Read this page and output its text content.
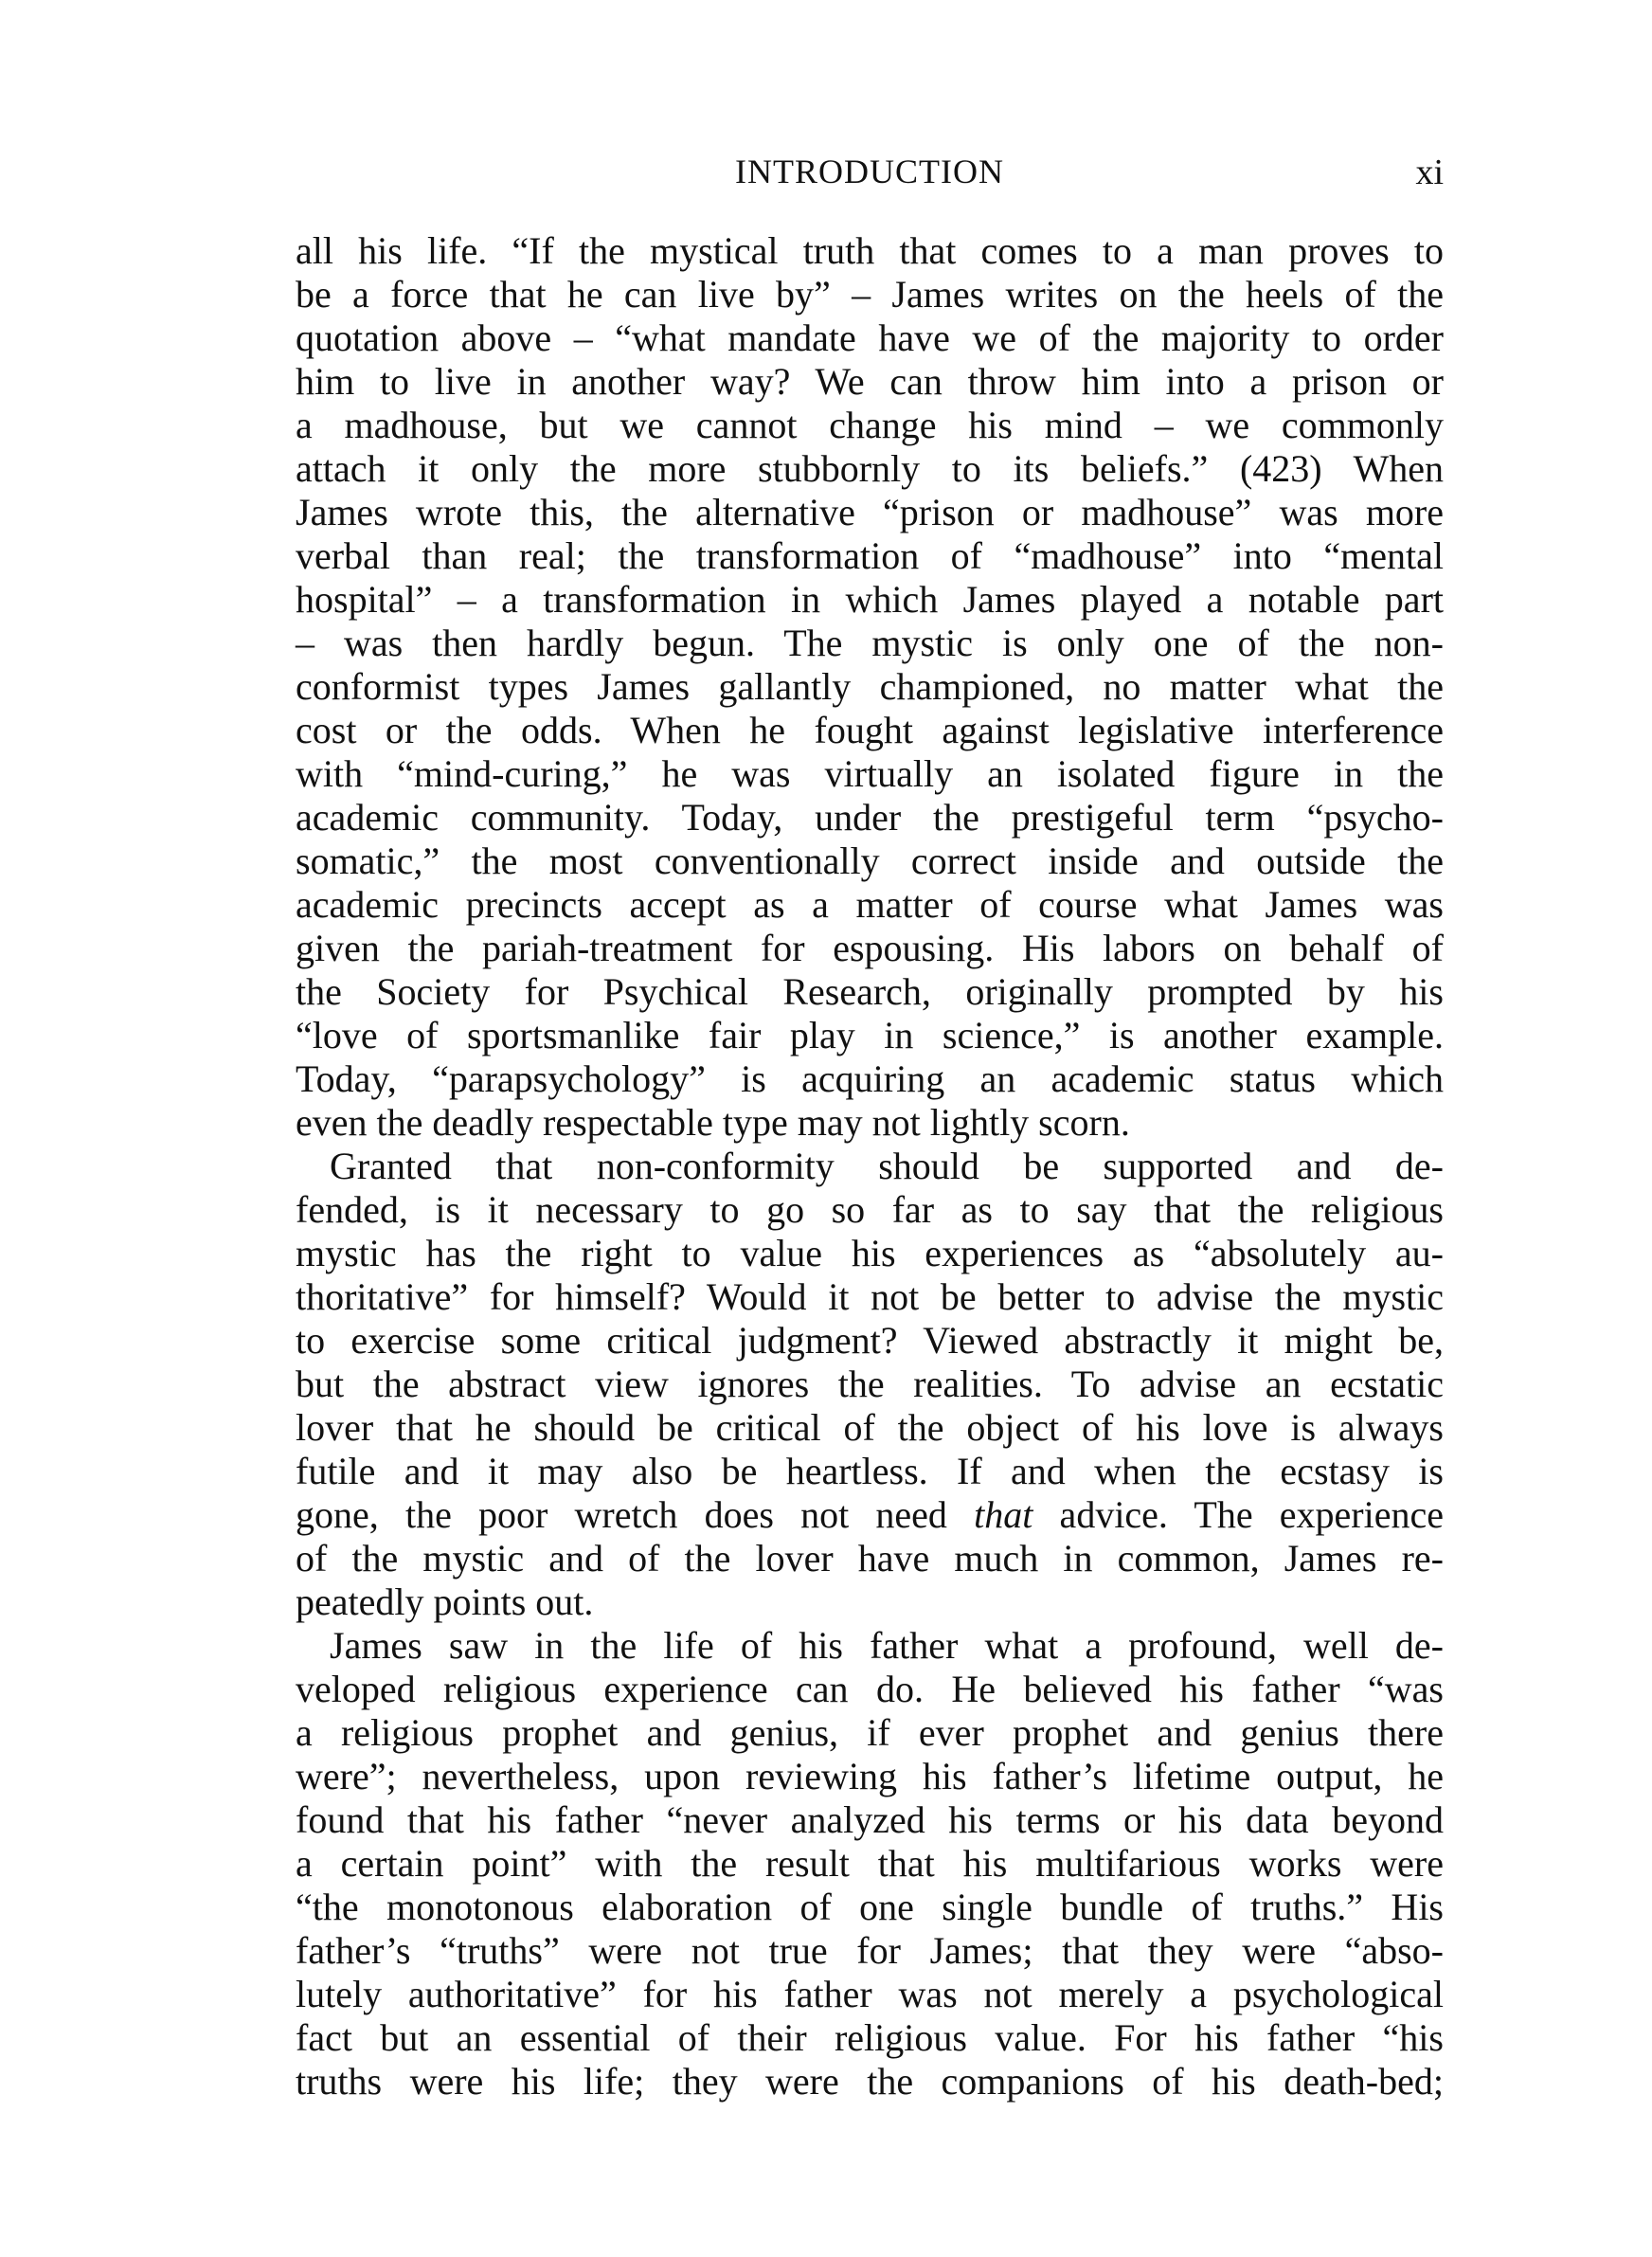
INTRODUCTION	xi
all his life. “If the mystical truth that comes to a man proves to
be a force that he can live by” – James writes on the heels of the
quotation above – “what mandate have we of the majority to order
him to live in another way? We can throw him into a prison or
a madhouse, but we cannot change his mind – we commonly
attach it only the more stubbornly to its beliefs.” (423) When
James wrote this, the alternative “prison or madhouse” was more
verbal than real; the transformation of “madhouse” into “mental
hospital” – a transformation in which James played a notable part
– was then hardly begun. The mystic is only one of the non-
conformist types James gallantly championed, no matter what the
cost or the odds. When he fought against legislative interference
with “mind-curing,” he was virtually an isolated figure in the
academic community. Today, under the prestigeful term “psycho-
somatic,” the most conventionally correct inside and outside the
academic precincts accept as a matter of course what James was
given the pariah-treatment for espousing. His labors on behalf of
the Society for Psychical Research, originally prompted by his
“love of sportsmanlike fair play in science,” is another example.
Today, “parapsychology” is acquiring an academic status which
even the deadly respectable type may not lightly scorn.
Granted that non-conformity should be supported and de-
fended, is it necessary to go so far as to say that the religious
mystic has the right to value his experiences as “absolutely au-
thoritative” for himself? Would it not be better to advise the mystic
to exercise some critical judgment? Viewed abstractly it might be,
but the abstract view ignores the realities. To advise an ecstatic
lover that he should be critical of the object of his love is always
futile and it may also be heartless. If and when the ecstasy is
gone, the poor wretch does not need that advice. The experience
of the mystic and of the lover have much in common, James re-
peatedly points out.
James saw in the life of his father what a profound, well de-
veloped religious experience can do. He believed his father “was
a religious prophet and genius, if ever prophet and genius there
were”; nevertheless, upon reviewing his father’s lifetime output, he
found that his father “never analyzed his terms or his data beyond
a certain point” with the result that his multifarious works were
“the monotonous elaboration of one single bundle of truths.” His
father’s “truths” were not true for James; that they were “abso-
lutely authoritative” for his father was not merely a psychological
fact but an essential of their religious value. For his father “his
truths were his life; they were the companions of his death-bed;
